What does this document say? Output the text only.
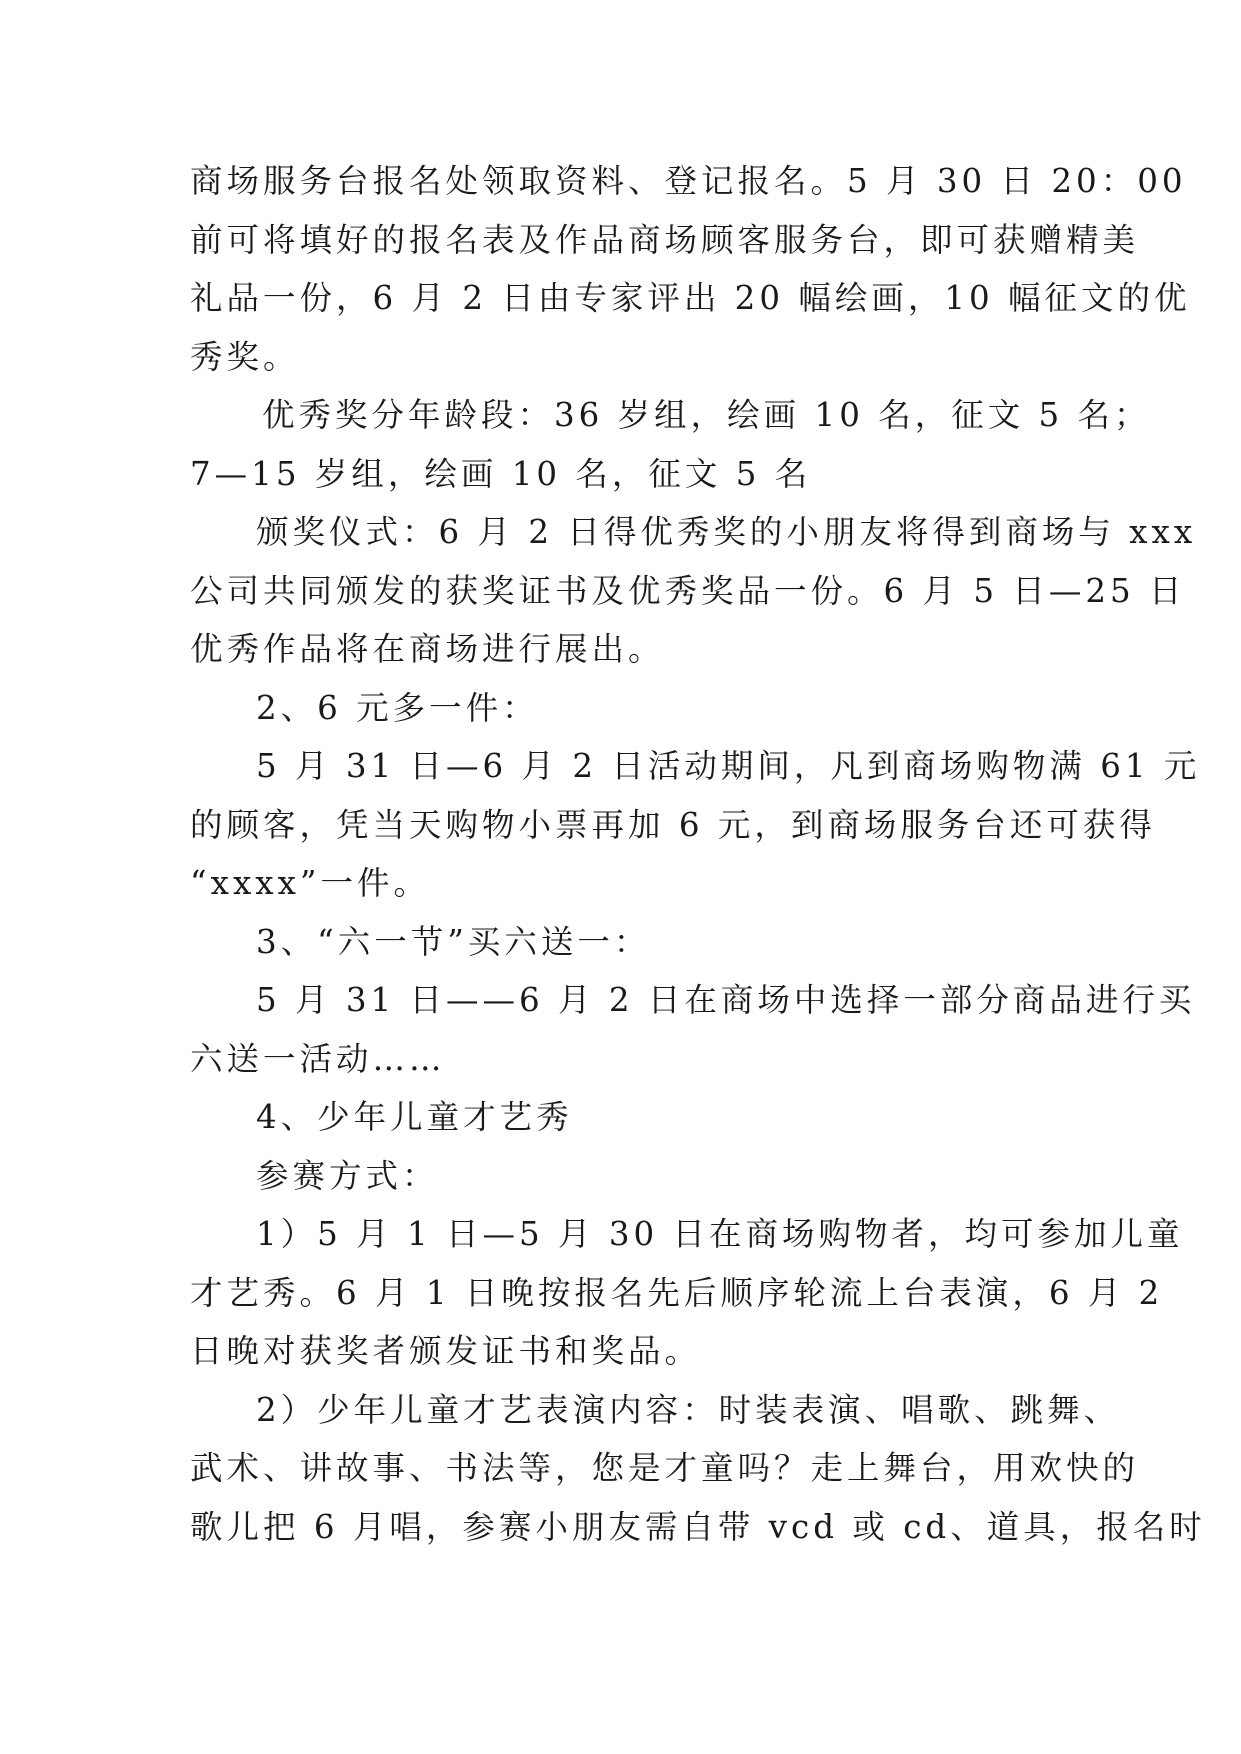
商场服务台报名处领取资料、登记报名。5 月 30 日 20：00
前可将填好的报名表及作品商场顾客服务台，即可获赠精美
礼品一份，6 月 2 日由专家评出 20 幅绘画，10 幅征文的优
秀奖。
优秀奖分年龄段：36 岁组，绘画 10 名，征文 5 名；
7—15 岁组，绘画 10 名，征文 5 名
颁奖仪式：6 月 2 日得优秀奖的小朋友将得到商场与 xxx
公司共同颁发的获奖证书及优秀奖品一份。6 月 5 日—25 日
优秀作品将在商场进行展出。
2、6 元多一件：
5 月 31 日—6 月 2 日活动期间，凡到商场购物满 61 元
的顾客，凭当天购物小票再加 6 元，到商场服务台还可获得
“xxxx”一件。
3、“六一节”买六送一：
5 月 31 日——6 月 2 日在商场中选择一部分商品进行买
六送一活动……
4、少年儿童才艺秀
参赛方式：
1）5 月 1 日—5 月 30 日在商场购物者，均可参加儿童
才艺秀。6 月 1 日晚按报名先后顺序轮流上台表演，6 月 2
日晚对获奖者颁发证书和奖品。
2）少年儿童才艺表演内容：时装表演、唱歌、跳舞、
武术、讲故事、书法等，您是才童吗？走上舞台，用欢快的
歌儿把 6 月唱，参赛小朋友需自带 vcd 或 cd、道具，报名时
